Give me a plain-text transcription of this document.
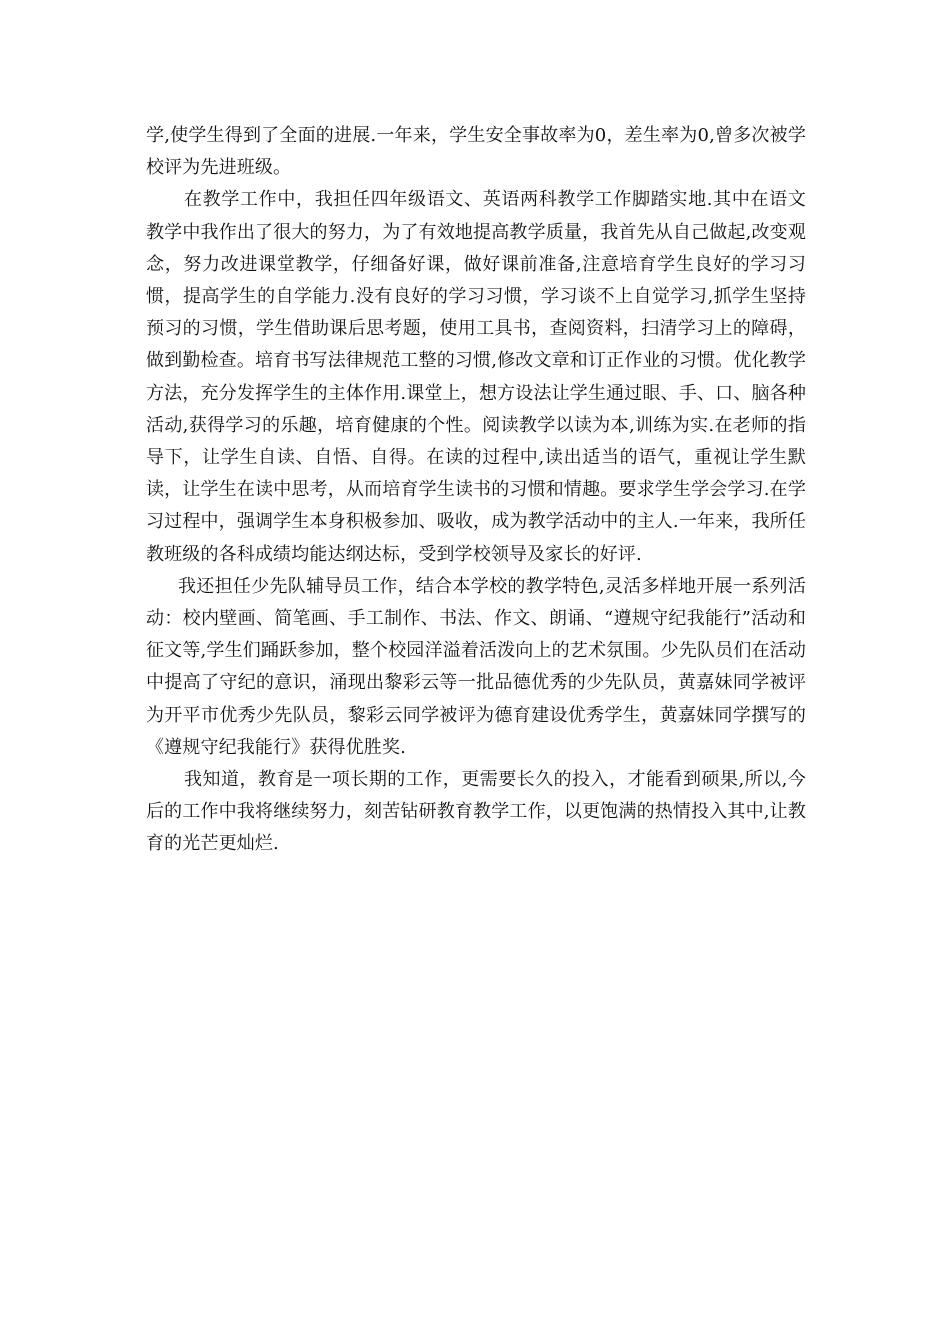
学,使学生得到了全面的进展.一年来，学生安全事故率为0，差生率为0,曾多次被学校评为先进班级。

在教学工作中，我担任四年级语文、英语两科教学工作脚踏实地.其中在语文教学中我作出了很大的努力，为了有效地提高教学质量，我首先从自己做起,改变观念，努力改进课堂教学，仔细备好课，做好课前准备,注意培育学生良好的学习习惯，提高学生的自学能力.没有良好的学习习惯，学习谈不上自觉学习,抓学生坚持预习的习惯，学生借助课后思考题，使用工具书，查阅资料，扫清学习上的障碍，做到勤检查。培育书写法律规范工整的习惯,修改文章和订正作业的习惯。优化教学方法，充分发挥学生的主体作用.课堂上，想方设法让学生通过眼、手、口、脑各种活动,获得学习的乐趣，培育健康的个性。阅读教学以读为本,训练为实.在老师的指导下，让学生自读、自悟、自得。在读的过程中,读出适当的语气，重视让学生默读，让学生在读中思考，从而培育学生读书的习惯和情趣。要求学生学会学习.在学习过程中，强调学生本身积极参加、吸收，成为教学活动中的主人.一年来，我所任教班级的各科成绩均能达纲达标，受到学校领导及家长的好评.

我还担任少先队辅导员工作，结合本学校的教学特色,灵活多样地开展一系列活动：校内壁画、简笔画、手工制作、书法、作文、朗诵、“遵规守纪我能行”活动和征文等,学生们踊跃参加，整个校园洋溢着活泼向上的艺术氛围。少先队员们在活动中提高了守纪的意识，涌现出黎彩云等一批品德优秀的少先队员，黄嘉妹同学被评为开平市优秀少先队员，黎彩云同学被评为德育建设优秀学生，黄嘉妹同学撰写的《遵规守纪我能行》获得优胜奖.

我知道，教育是一项长期的工作，更需要长久的投入，才能看到硕果,所以,今后的工作中我将继续努力，刻苦钻研教育教学工作，以更饱满的热情投入其中,让教育的光芒更灿烂.
